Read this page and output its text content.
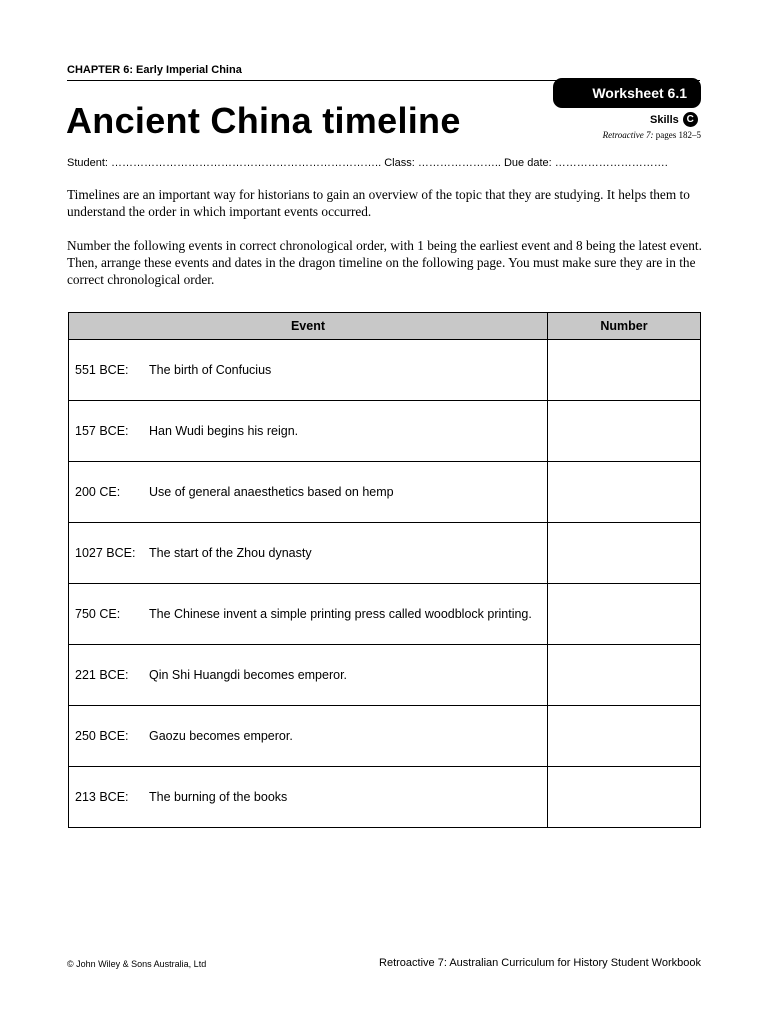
CHAPTER 6: Early Imperial China
Worksheet 6.1
Ancient China timeline	Skills C
Retroactive 7: pages 182–5
Student: ……………………………………………………………….. Class: ………………….. Due date: ………………………….
Timelines are an important way for historians to gain an overview of the topic that they are studying. It helps them to understand the order in which important events occurred.
Number the following events in correct chronological order, with 1 being the earliest event and 8 being the latest event. Then, arrange these events and dates in the dragon timeline on the following page. You must make sure they are in the correct chronological order.
Event	Number

551 BCE: The birth of Confucius	

157 BCE: Han Wudi begins his reign.	

200 CE: Use of general anaesthetics based on hemp	

1027 BCE: The start of the Zhou dynasty	

750 CE: The Chinese invent a simple printing press called woodblock printing.	

221 BCE: Qin Shi Huangdi becomes emperor.	

250 BCE: Gaozu becomes emperor.	

213 BCE: The burning of the books	

© John Wiley & Sons Australia, Ltd	Retroactive 7: Australian Curriculum for History Student Workbook
